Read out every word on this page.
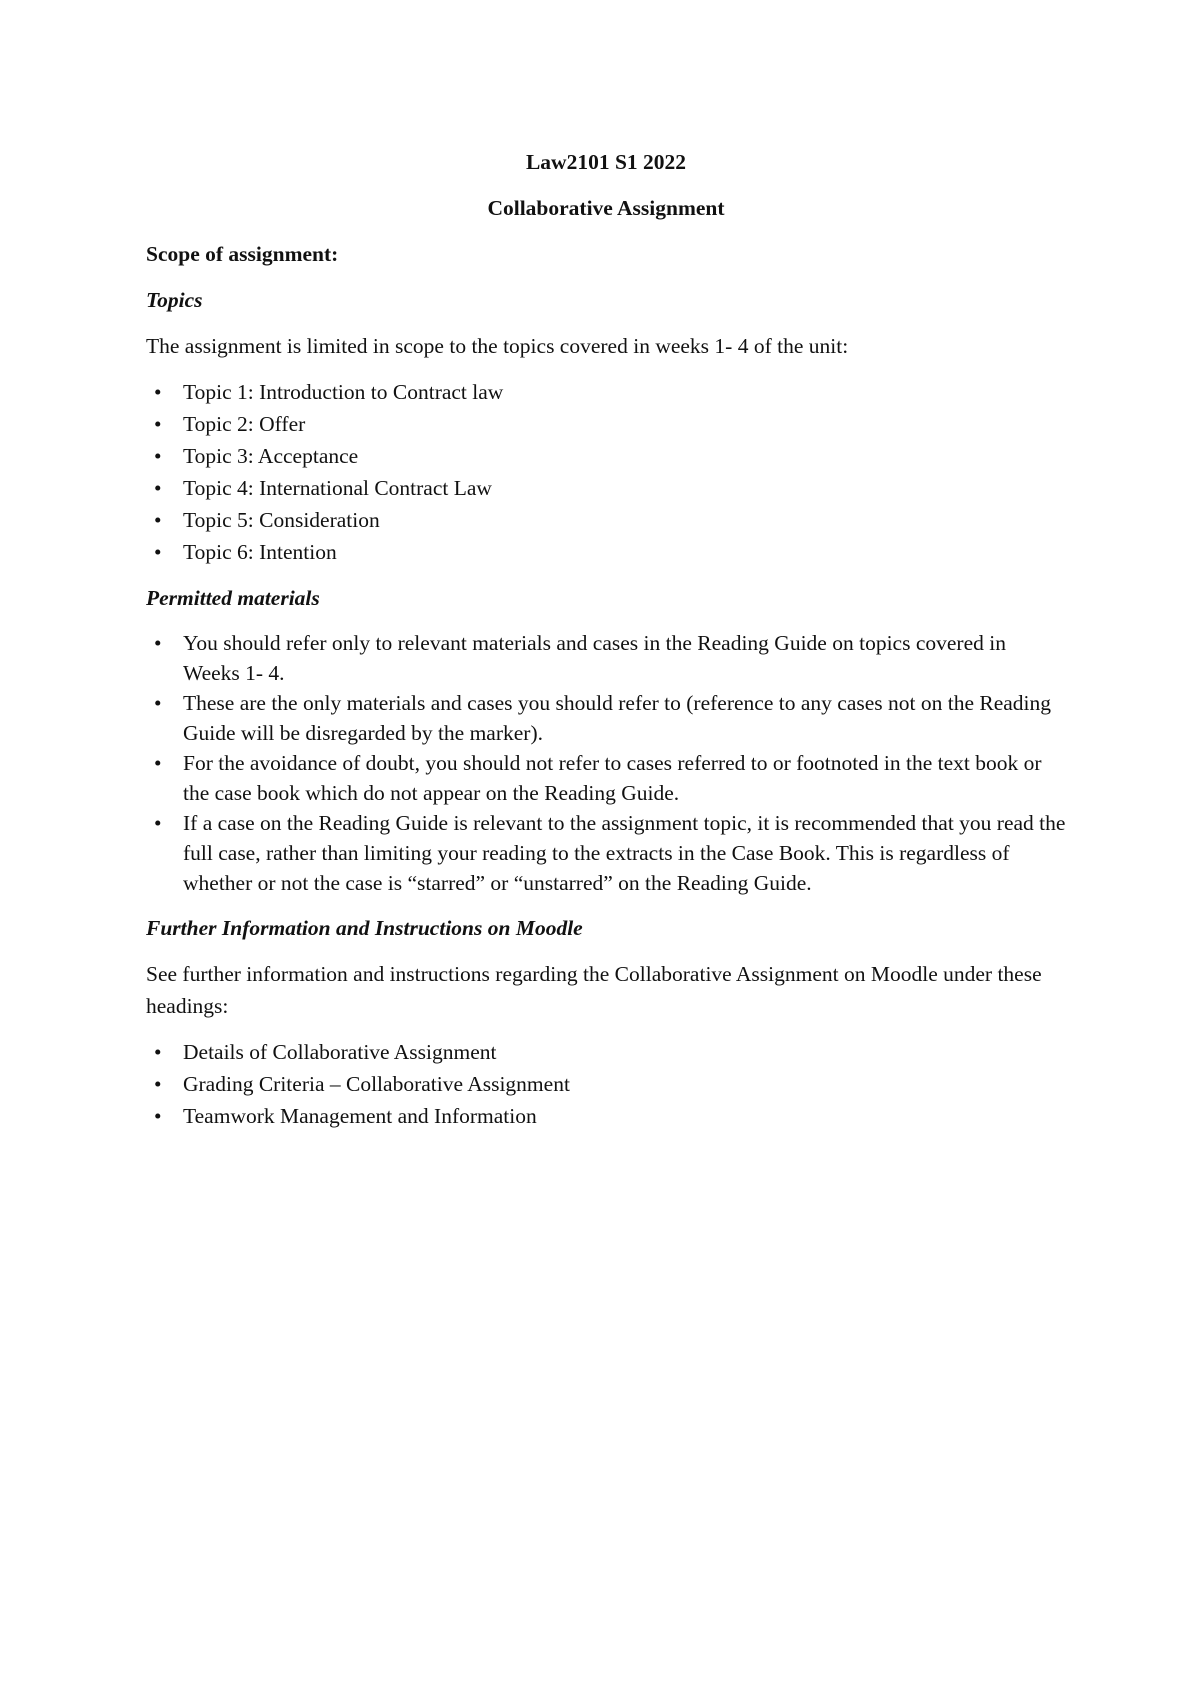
Law2101 S1 2022

Collaborative Assignment

Scope of assignment:

Topics

The assignment is limited in scope to the topics covered in weeks 1- 4 of the unit:

• Topic 1: Introduction to Contract law
• Topic 2: Offer
• Topic 3: Acceptance
• Topic 4: International Contract Law
• Topic 5: Consideration
• Topic 6: Intention

Permitted materials

• You should refer only to relevant materials and cases in the Reading Guide on topics covered in Weeks 1- 4.
• These are the only materials and cases you should refer to (reference to any cases not on the Reading Guide will be disregarded by the marker).
• For the avoidance of doubt, you should not refer to cases referred to or footnoted in the text book or the case book which do not appear on the Reading Guide.
• If a case on the Reading Guide is relevant to the assignment topic, it is recommended that you read the full case, rather than limiting your reading to the extracts in the Case Book. This is regardless of whether or not the case is “starred” or “unstarred” on the Reading Guide.

Further Information and Instructions on Moodle

See further information and instructions regarding the Collaborative Assignment on Moodle under these headings:

• Details of Collaborative Assignment
• Grading Criteria – Collaborative Assignment
• Teamwork Management and Information
